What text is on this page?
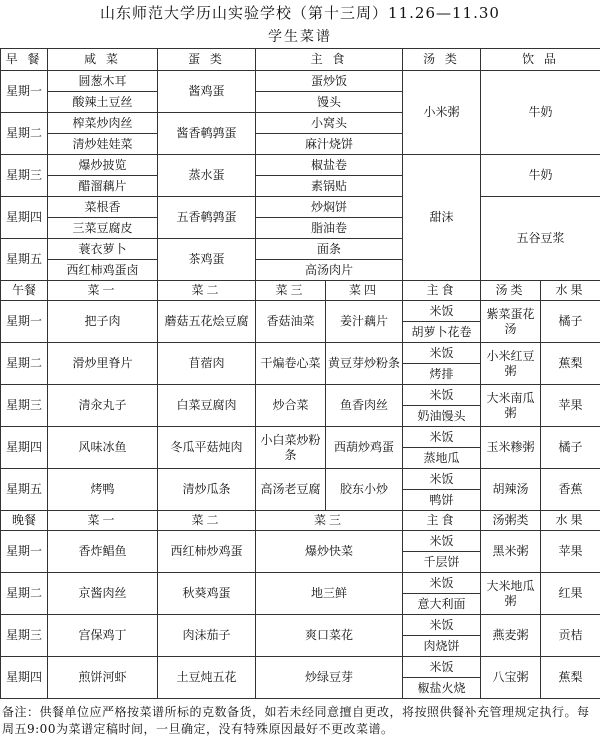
山东师范大学历山实验学校（第十三周）11.26—11.30
学生菜谱
早 餐	咸 菜	蛋 类	主 食	汤 类	饮 品
星期一	圆葱木耳	酱鸡蛋	蛋炒饭	小米粥	牛奶
	酸辣土豆丝		馒头		
星期二	榨菜炒肉丝	酱香鹌鹑蛋	小窝头		
	清炒娃娃菜		麻汁烧饼		
星期三	爆炒披览	蒸水蛋	椒盐卷	甜沫	牛奶
	醋溜藕片		素锅贴		
星期四	菜根香	五香鹌鹑蛋	炒焖饼		五谷豆浆
	三菜豆腐皮		脂油卷		
星期五	蓑衣萝卜	茶鸡蛋	面条		
	西红柿鸡蛋卤		高汤肉片		
午餐	菜一	菜二	菜三	菜四	主食	汤类	水果
星期一	把子肉	蘑菇五花烩豆腐	香菇油菜	姜汁藕片	米饭	紫菜蛋花汤	橘子
					胡萝卜花卷		
星期二	滑炒里脊片	苜蓿肉	干煸卷心菜	黄豆芽炒粉条	米饭	小米红豆粥	蕉梨
					烤排		
星期三	清汆丸子	白菜豆腐肉	炒合菜	鱼香肉丝	米饭	大米南瓜粥	苹果
					奶油馒头		
星期四	风味冰鱼	冬瓜平菇炖肉	小白菜炒粉条	西葫炒鸡蛋	米饭	玉米糁粥	橘子
					蒸地瓜		
星期五	烤鸭	清炒瓜条	高汤老豆腐	胶东小炒	米饭	胡辣汤	香蕉
					鸭饼		
晚餐	菜一	菜二	菜三	主食	汤粥类	水果
星期一	香炸鲳鱼	西红柿炒鸡蛋	爆炒快菜	米饭	黑米粥	苹果
				千层饼		
星期二	京酱肉丝	秋葵鸡蛋	地三鲜	米饭	大米地瓜粥	红果
				意大利面		
星期三	宫保鸡丁	肉沫茄子	爽口菜花	米饭	燕麦粥	贡桔
				肉烧饼		
星期四	煎饼河虾	土豆炖五花	炒绿豆芽	米饭	八宝粥	蕉梨
				椒盐火烧		
备注：供餐单位应严格按菜谱所标的克数备货，如若未经同意擅自更改，将按照供餐补充管理规定执行。每周五9:00为菜谱定稿时间，一旦确定，没有特殊原因最好不更改菜谱。
